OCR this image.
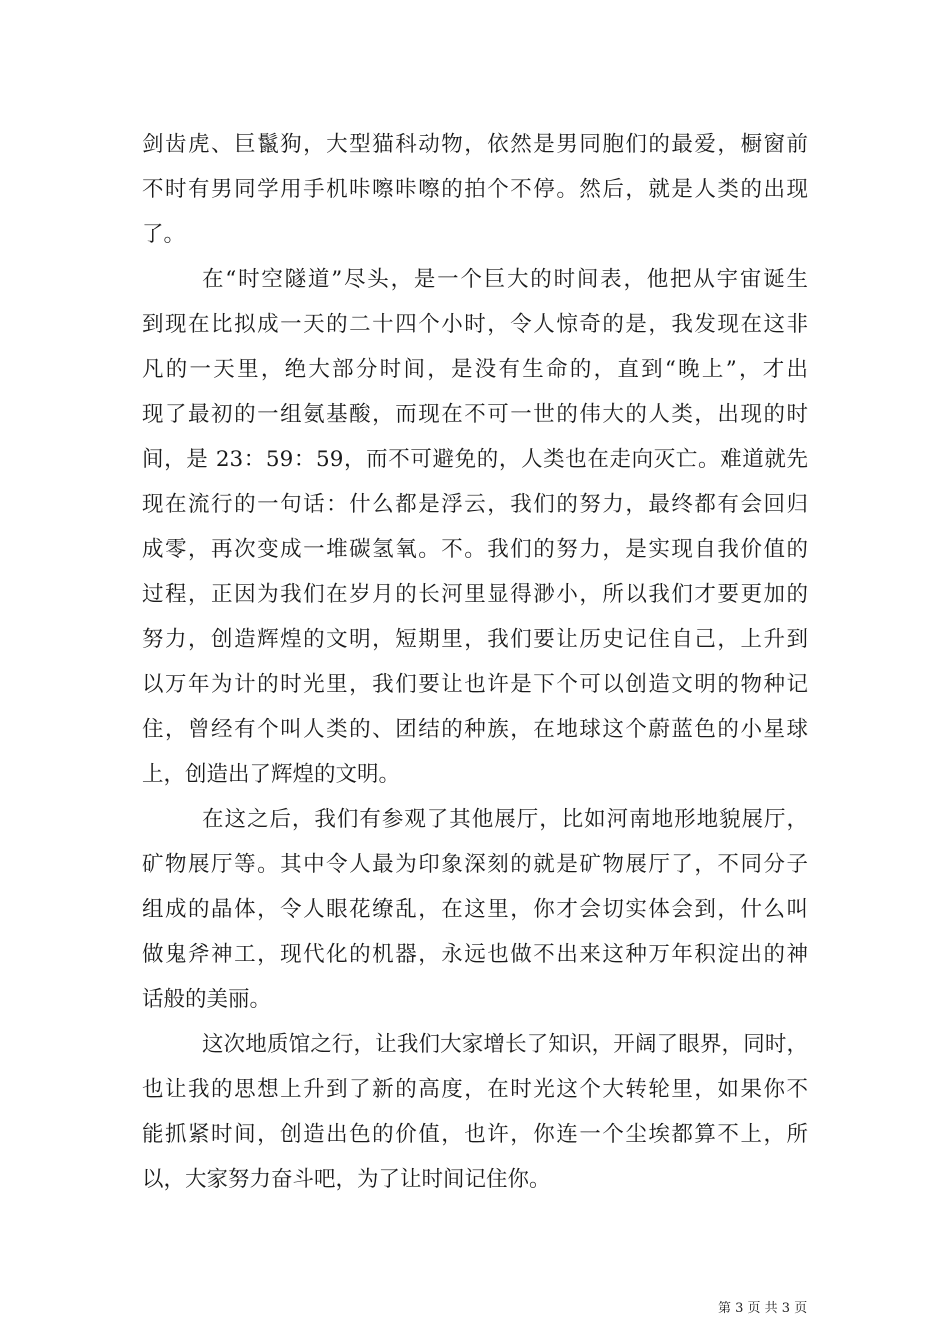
剑齿虎、巨鬣狗，大型猫科动物，依然是男同胞们的最爱，橱窗前
不时有男同学用手机咔嚓咔嚓的拍个不停。然后，就是人类的出现
了。
在“时空隧道”尽头，是一个巨大的时间表，他把从宇宙诞生
到现在比拟成一天的二十四个小时，令人惊奇的是，我发现在这非
凡的一天里，绝大部分时间，是没有生命的，直到“晚上”，才出
现了最初的一组氨基酸，而现在不可一世的伟大的人类，出现的时
间，是 23：59：59，而不可避免的，人类也在走向灭亡。难道就先
现在流行的一句话：什么都是浮云，我们的努力，最终都有会回归
成零，再次变成一堆碳氢氧。不。我们的努力，是实现自我价值的
过程，正因为我们在岁月的长河里显得渺小，所以我们才要更加的
努力，创造辉煌的文明，短期里，我们要让历史记住自己，上升到
以万年为计的时光里，我们要让也许是下个可以创造文明的物种记
住，曾经有个叫人类的、团结的种族，在地球这个蔚蓝色的小星球
上，创造出了辉煌的文明。
在这之后，我们有参观了其他展厅，比如河南地形地貌展厅，
矿物展厅等。其中令人最为印象深刻的就是矿物展厅了，不同分子
组成的晶体，令人眼花缭乱，在这里，你才会切实体会到，什么叫
做鬼斧神工，现代化的机器，永远也做不出来这种万年积淀出的神
话般的美丽。
这次地质馆之行，让我们大家增长了知识，开阔了眼界，同时，
也让我的思想上升到了新的高度，在时光这个大转轮里，如果你不
能抓紧时间，创造出色的价值，也许，你连一个尘埃都算不上，所
以，大家努力奋斗吧，为了让时间记住你。
第 3 页 共 3 页
